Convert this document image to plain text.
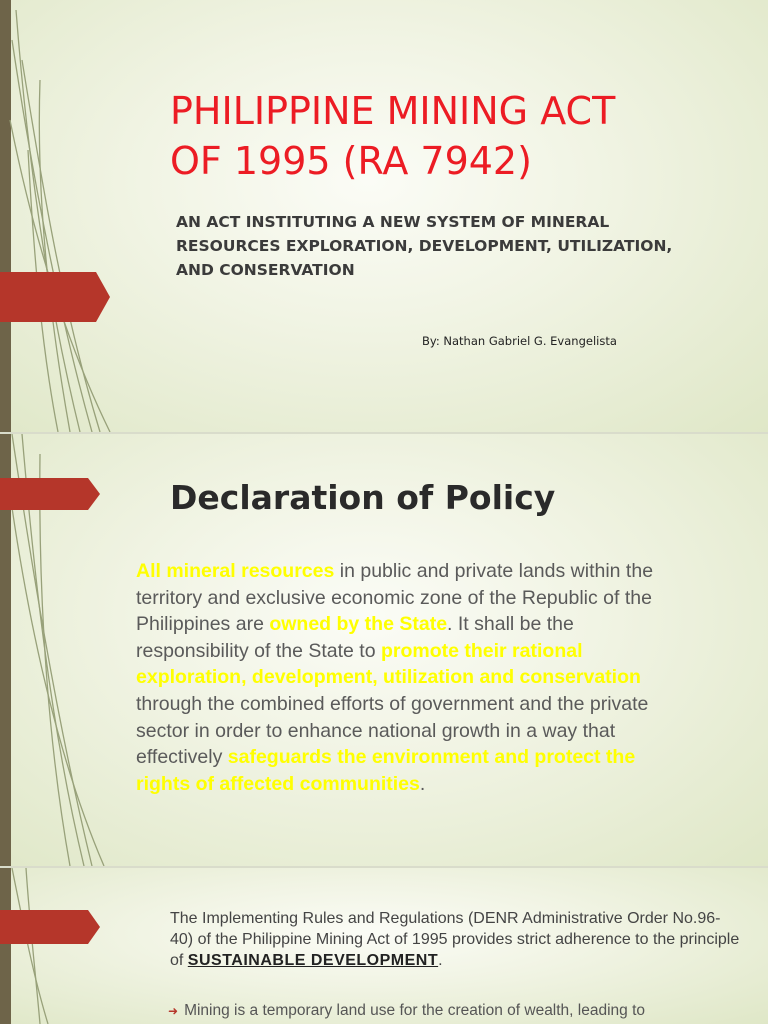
PHILIPPINE MINING ACT
OF 1995 (RA 7942)
AN ACT INSTITUTING A NEW SYSTEM OF MINERAL
RESOURCES EXPLORATION, DEVELOPMENT, UTILIZATION,
AND CONSERVATION
By: Nathan Gabriel G. Evangelista
Declaration of Policy
All mineral resources in public and private lands within the territory and exclusive economic zone of the Republic of the Philippines are owned by the State. It shall be the responsibility of the State to promote their rational exploration, development, utilization and conservation through the combined efforts of government and the private sector in order to enhance national growth in a way that effectively safeguards the environment and protect the rights of affected communities.
The Implementing Rules and Regulations (DENR Administrative Order No.96-40) of the Philippine Mining Act of 1995 provides strict adherence to the principle of SUSTAINABLE DEVELOPMENT.
➜ Mining is a temporary land use for the creation of wealth, leading to
